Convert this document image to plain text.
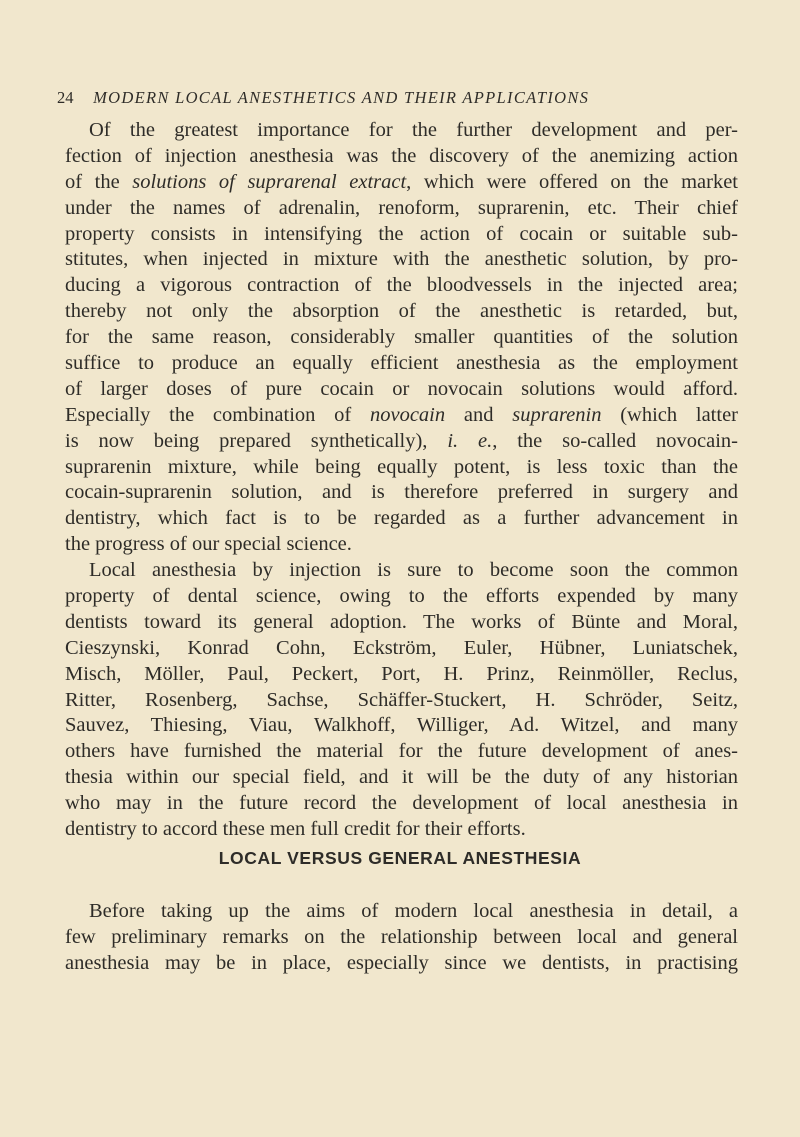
24 MODERN LOCAL ANESTHETICS AND THEIR APPLICATIONS
Of the greatest importance for the further development and per-
fection of injection anesthesia was the discovery of the anemizing action
of the solutions of suprarenal extract, which were offered on the market
under the names of adrenalin, renoform, suprarenin, etc. Their chief
property consists in intensifying the action of cocain or suitable sub-
stitutes, when injected in mixture with the anesthetic solution, by pro-
ducing a vigorous contraction of the bloodvessels in the injected area;
thereby not only the absorption of the anesthetic is retarded, but,
for the same reason, considerably smaller quantities of the solution
suffice to produce an equally efficient anesthesia as the employment
of larger doses of pure cocain or novocain solutions would afford.
Especially the combination of novocain and suprarenin (which latter
is now being prepared synthetically), i. e., the so-called novocain-
suprarenin mixture, while being equally potent, is less toxic than the
cocain-suprarenin solution, and is therefore preferred in surgery and
dentistry, which fact is to be regarded as a further advancement in
the progress of our special science.
Local anesthesia by injection is sure to become soon the common
property of dental science, owing to the efforts expended by many
dentists toward its general adoption. The works of Bünte and Moral,
Cieszynski, Konrad Cohn, Eckström, Euler, Hübner, Luniatschek,
Misch, Möller, Paul, Peckert, Port, H. Prinz, Reinmöller, Reclus,
Ritter, Rosenberg, Sachse, Schäffer-Stuckert, H. Schröder, Seitz,
Sauvez, Thiesing, Viau, Walkhoff, Williger, Ad. Witzel, and many
others have furnished the material for the future development of anes-
thesia within our special field, and it will be the duty of any historian
who may in the future record the development of local anesthesia in
dentistry to accord these men full credit for their efforts.
LOCAL VERSUS GENERAL ANESTHESIA
Before taking up the aims of modern local anesthesia in detail, a
few preliminary remarks on the relationship between local and general
anesthesia may be in place, especially since we dentists, in practising
